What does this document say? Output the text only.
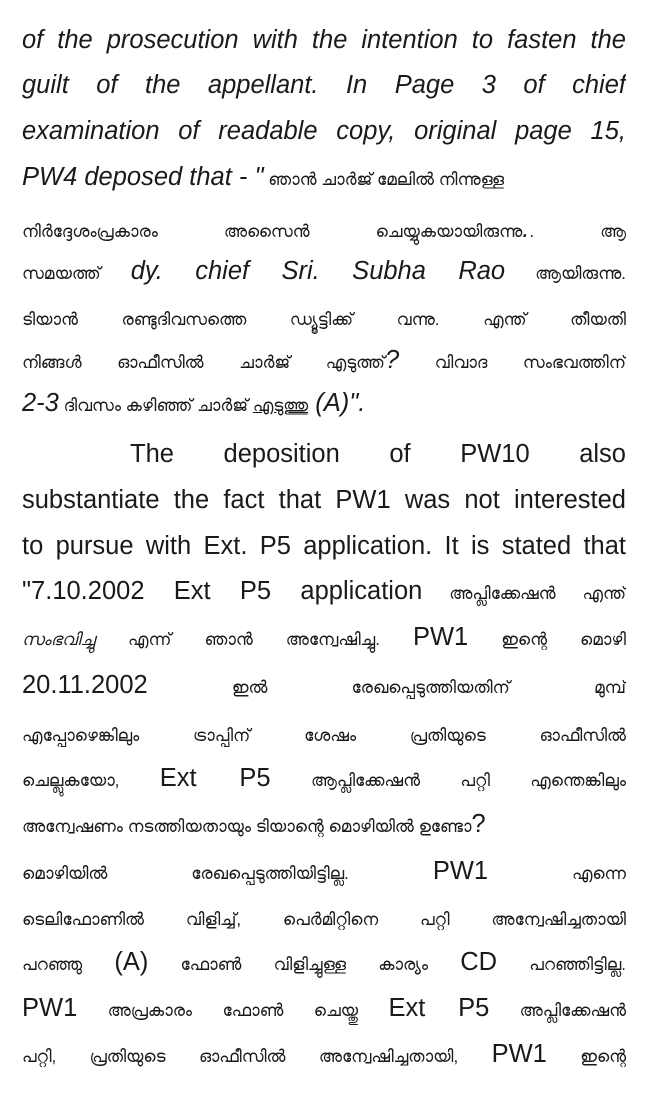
of the prosecution with the intention to fasten the
guilt of the appellant. In Page 3 of chief
examination of readable copy, original page 15,
PW4 deposed that - " ഞാൻ ചാർജ് മേലിൽ നിന്നുള്ള
നിർദ്ദേശംപ്രകാരം അസൈൻ ചെയ്യുകയായിരുന്നു.. ആ
സമയത്ത് dy. chief Sri. Subha Rao ആയിരുന്നു.
ടിയാൻ രണ്ടുദിവസത്തെ ഡ്യൂട്ടിക്ക് വന്നു. എന്ത് തീയതി
നിങ്ങൾ ഓഫീസിൽ ചാർജ് എടുത്ത്? വിവാദ സംഭവത്തിന്
2-3 ദിവസം കഴിഞ്ഞ് ചാർജ് എടുത്തു (A)".
The deposition of PW10 also
substantiate the fact that PW1 was not interested
to pursue with Ext. P5 application. It is stated that
"7.10.2002 Ext P5 application അപ്ലിക്കേഷൻ എന്ത്
സംഭവിച്ചു എന്ന് ഞാൻ അന്വേഷിച്ചു. PW1 ഇന്റെ മൊഴി
20.11.2002 ഇൽ രേഖപ്പെടുത്തിയതിന് മുമ്പ്
എപ്പോഴെങ്കിലും ട്രാപ്പിന് ശേഷം പ്രതിയുടെ ഓഫീസിൽ
ചെല്ലുകയോ, Ext P5 ആപ്ലിക്കേഷൻ പറ്റി എന്തെങ്കിലും
അന്വേഷണം നടത്തിയതായും ടിയാന്റെ മൊഴിയിൽ ഉണ്ടോ?
മൊഴിയിൽ രേഖപ്പെടുത്തിയിട്ടില്ല. PW1 എന്നെ
ടെലിഫോണിൽ വിളിച്ച്, പെർമിറ്റിനെ പറ്റി അന്വേഷിച്ചതായി
പറഞ്ഞു (A) ഫോൺ വിളിച്ചുള്ള കാര്യം CD പറഞ്ഞിട്ടില്ല.
PW1 അപ്രകാരം ഫോൺ ചെയ്തു Ext P5 അപ്ലിക്കേഷൻ
പറ്റി, പ്രതിയുടെ ഓഫീസിൽ അന്വേഷിച്ചതായി, PW1 ഇന്റെ
